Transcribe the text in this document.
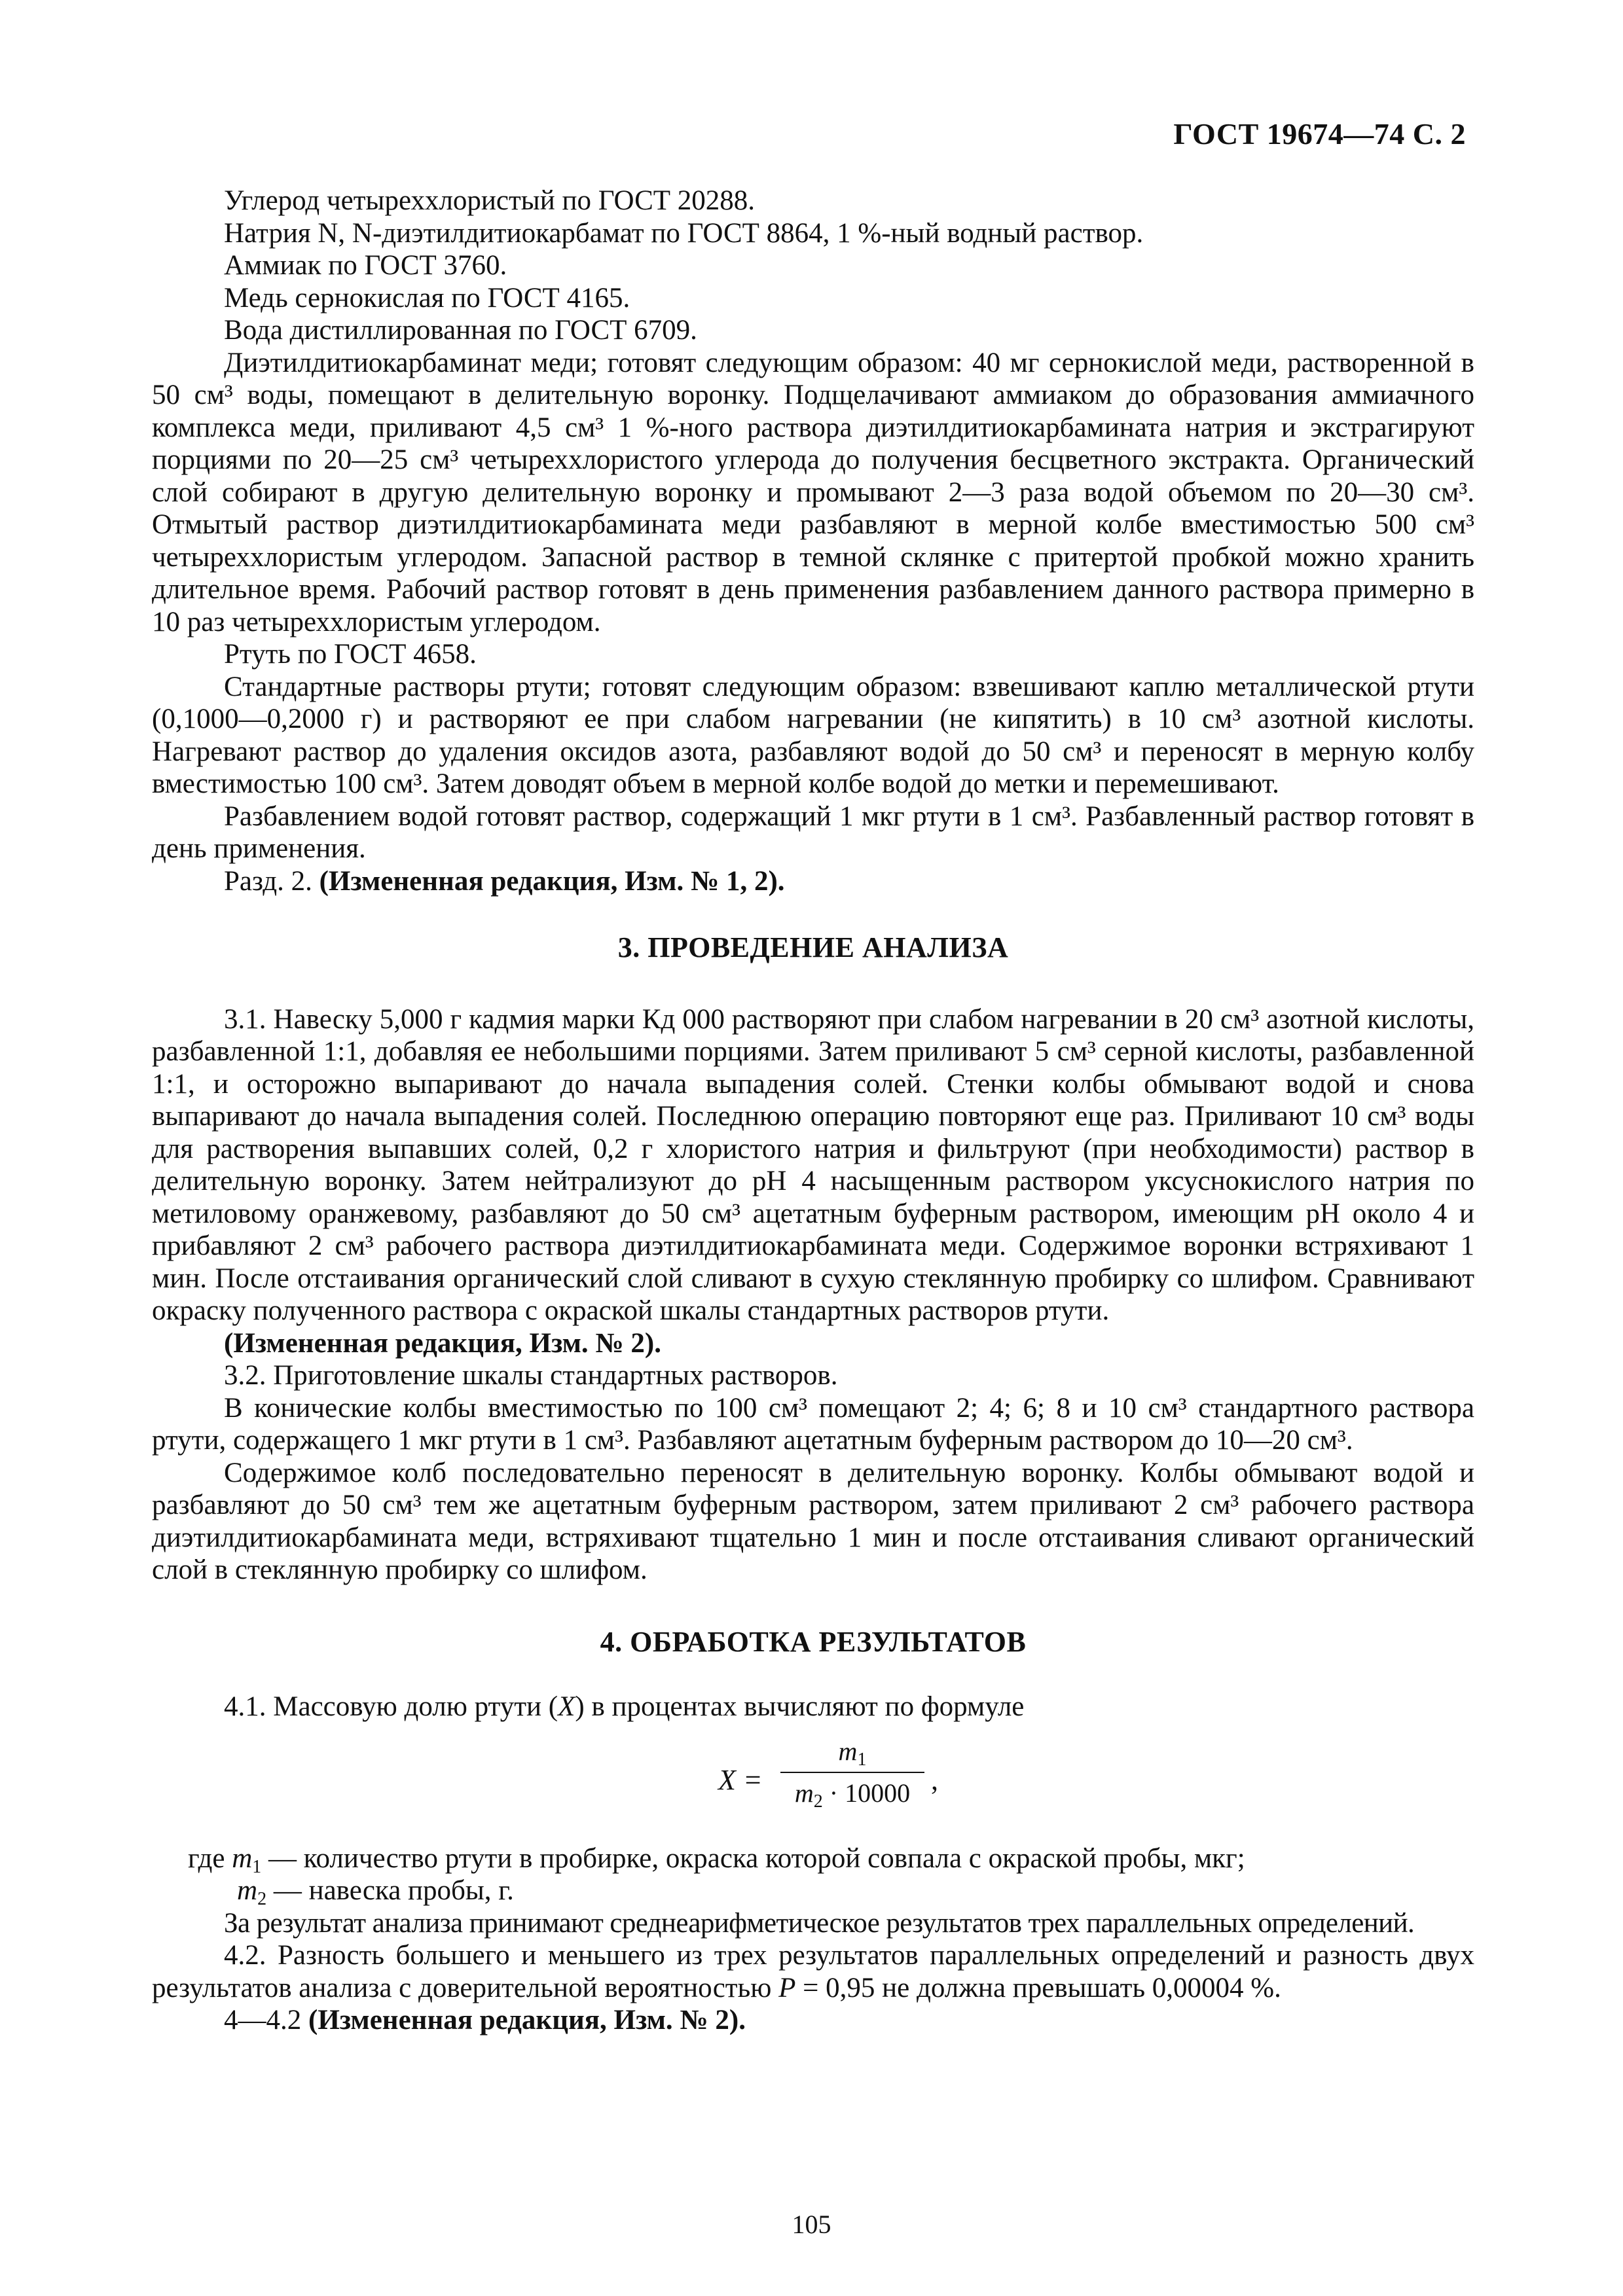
ГОСТ 19674—74 С. 2

Углерод четыреххлористый по ГОСТ 20288.

Натрия N, N-диэтилдитиокарбамат по ГОСТ 8864, 1 %-ный водный раствор.

Аммиак по ГОСТ 3760.

Медь сернокислая по ГОСТ 4165.

Вода дистиллированная по ГОСТ 6709.

Диэтилдитиокарбаминат меди; готовят следующим образом: 40 мг сернокислой меди, растворенной в 50 см³ воды, помещают в делительную воронку. Подщелачивают аммиаком до образования аммиачного комплекса меди, приливают 4,5 см³ 1 %-ного раствора диэтилдитиокарбамината натрия и экстрагируют порциями по 20—25 см³ четыреххлористого углерода до получения бесцветного экстракта. Органический слой собирают в другую делительную воронку и промывают 2—3 раза водой объемом по 20—30 см³. Отмытый раствор диэтилдитиокарбамината меди разбавляют в мерной колбе вместимостью 500 см³ четыреххлористым углеродом. Запасной раствор в темной склянке с притертой пробкой можно хранить длительное время. Рабочий раствор готовят в день применения разбавлением данного раствора примерно в 10 раз четыреххлористым углеродом.

Ртуть по ГОСТ 4658.

Стандартные растворы ртути; готовят следующим образом: взвешивают каплю металлической ртути (0,1000—0,2000 г) и растворяют ее при слабом нагревании (не кипятить) в 10 см³ азотной кислоты. Нагревают раствор до удаления оксидов азота, разбавляют водой до 50 см³ и переносят в мерную колбу вместимостью 100 см³. Затем доводят объем в мерной колбе водой до метки и перемешивают.

Разбавлением водой готовят раствор, содержащий 1 мкг ртути в 1 см³. Разбавленный раствор готовят в день применения.

Разд. 2. (Измененная редакция, Изм. № 1, 2).

3. ПРОВЕДЕНИЕ АНАЛИЗА

3.1. Навеску 5,000 г кадмия марки Кд 000 растворяют при слабом нагревании в 20 см³ азотной кислоты, разбавленной 1:1, добавляя ее небольшими порциями. Затем приливают 5 см³ серной кислоты, разбавленной 1:1, и осторожно выпаривают до начала выпадения солей. Стенки колбы обмывают водой и снова выпаривают до начала выпадения солей. Последнюю операцию повторяют еще раз. Приливают 10 см³ воды для растворения выпавших солей, 0,2 г хлористого натрия и фильтруют (при необходимости) раствор в делительную воронку. Затем нейтрализуют до pH 4 насыщенным раствором уксуснокислого натрия по метиловому оранжевому, разбавляют до 50 см³ ацетатным буферным раствором, имеющим pH около 4 и прибавляют 2 см³ рабочего раствора диэтилдитиокарбамината меди. Содержимое воронки встряхивают 1 мин. После отстаивания органический слой сливают в сухую стеклянную пробирку со шлифом. Сравнивают окраску полученного раствора с окраской шкалы стандартных растворов ртути.

(Измененная редакция, Изм. № 2).

3.2. Приготовление шкалы стандартных растворов.

В конические колбы вместимостью по 100 см³ помещают 2; 4; 6; 8 и 10 см³ стандартного раствора ртути, содержащего 1 мкг ртути в 1 см³. Разбавляют ацетатным буферным раствором до 10—20 см³.

Содержимое колб последовательно переносят в делительную воронку. Колбы обмывают водой и разбавляют до 50 см³ тем же ацетатным буферным раствором, затем приливают 2 см³ рабочего раствора диэтилдитиокарбамината меди, встряхивают тщательно 1 мин и после отстаивания сливают органический слой в стеклянную пробирку со шлифом.

4. ОБРАБОТКА РЕЗУЛЬТАТОВ

4.1. Массовую долю ртути (X) в процентах вычисляют по формуле

X =
$m_1$
$m_2 \cdot 10000$ ,

где $m_1$ — количество ртути в пробирке, окраска которой совпала с окраской пробы, мкг;

$m_2$ — навеска пробы, г.

За результат анализа принимают среднеарифметическое результатов трех параллельных определений.

4.2. Разность большего и меньшего из трех результатов параллельных определений и разность двух результатов анализа с доверительной вероятностью P = 0,95 не должна превышать 0,00004 %.

4—4.2 (Измененная редакция, Изм. № 2).

105
